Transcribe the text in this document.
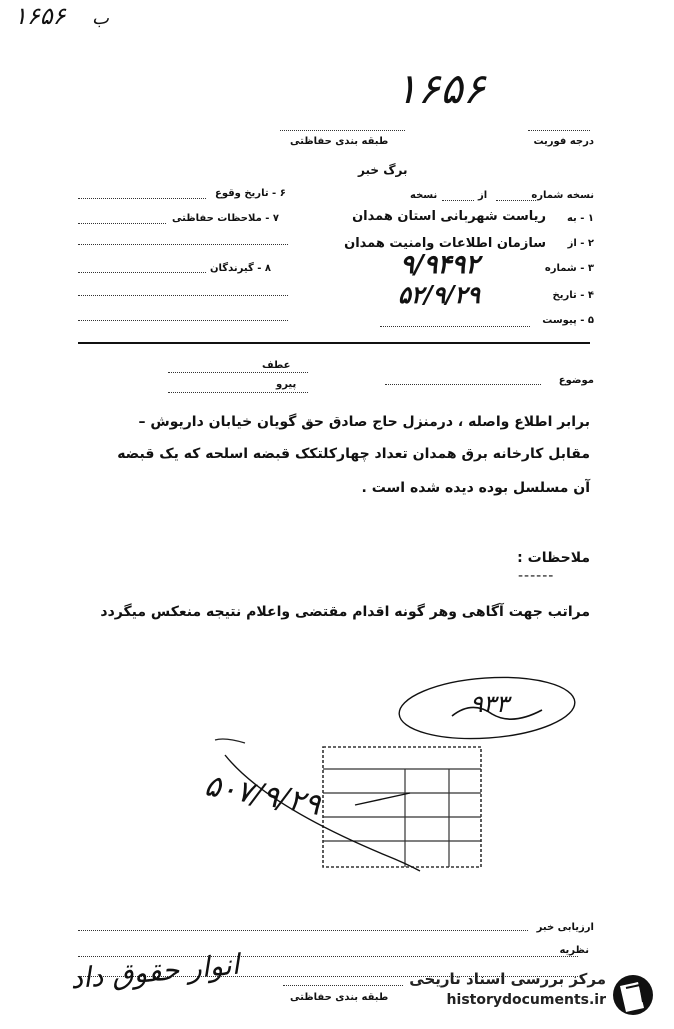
۱۶۵۶ ب
۱۶۵۶
درجه فوریت
طبقه بندی حفاظتی
برگ خبر
نسخه شماره
از
نسخه
۶ - تاریخ وقوع
۷ - ملاحظات حفاظتی
۸ - گیرندگان
۱ - به
ریاست شهربانی استان همدان
۲ - از
سازمان اطلاعات وامنیت همدان
۳ - شماره
۹/۹۴۹۲
۴ - تاریخ
۵۲/۹/۲۹
۵ - پیوست
عطف
پیرو	موضوع
برابر اطلاع واصله ، درمنزل حاج صادق حق گویان خیابان داریوش –
مقابل کارخانه برق همدان تعداد چهارکلتکک قبضه اسلحه که یک قبضه
آن مسلسل بوده دیده شده است .
ملاحظات :
------
مراتب جهت آگاهی وهر گونه اقدام مقتضی واعلام نتیجه منعکس میگردد
۹۳۳
۵۰۷/۹/۲۹
ارزیابی خبر
نظریه
طبقه بندی حفاظتی
انوار حقوق داد	مرکز بررسی اسناد تاریخی
historydocuments.ir
